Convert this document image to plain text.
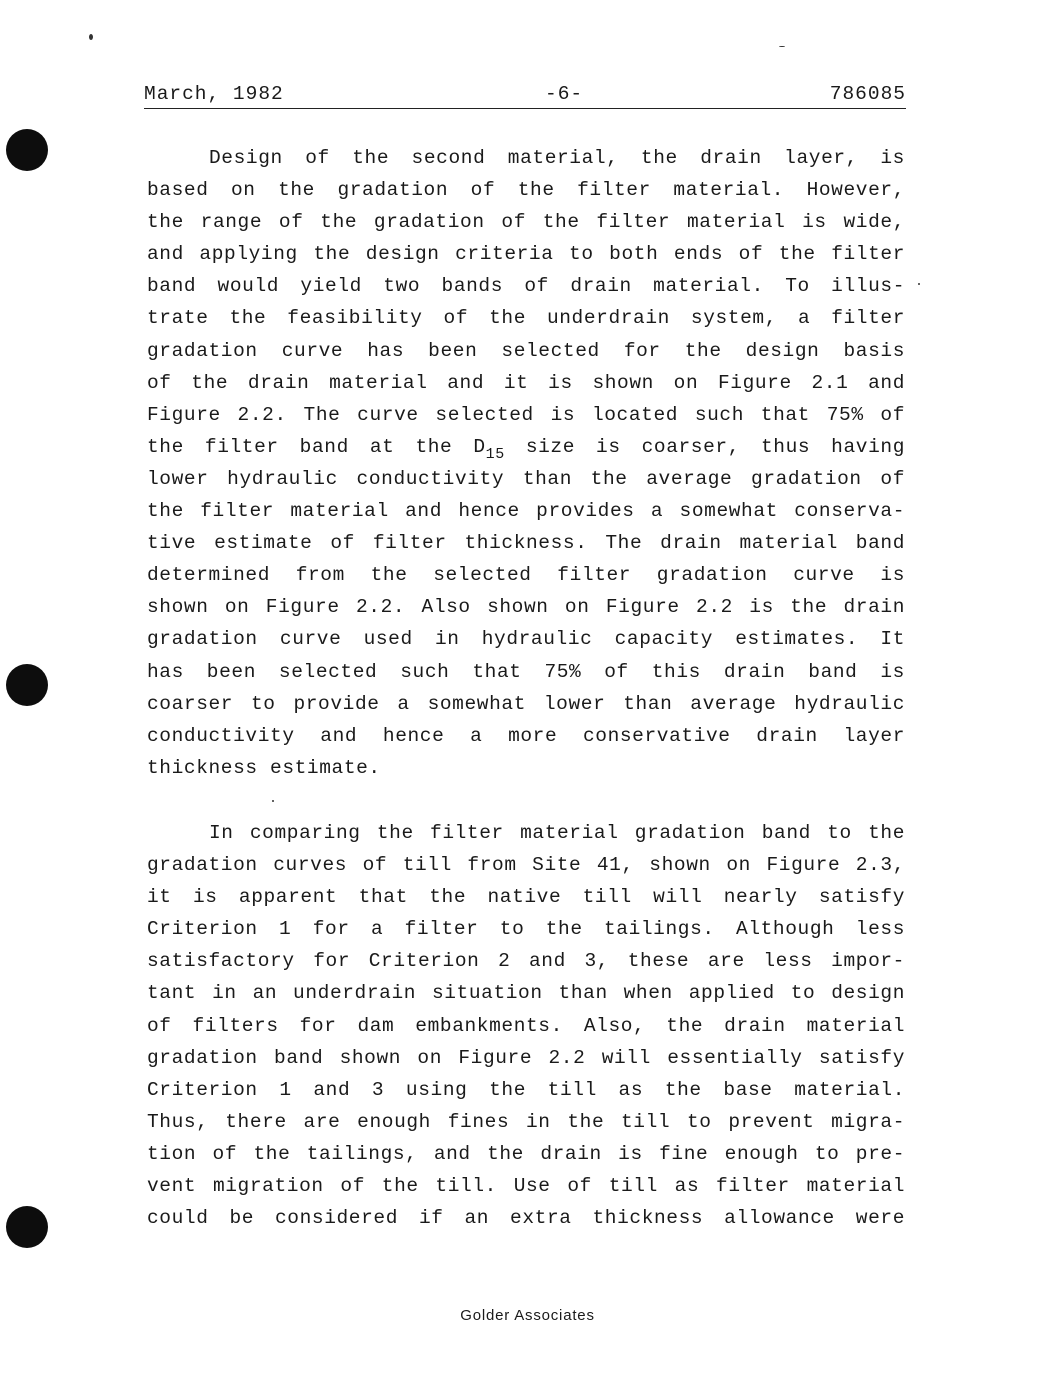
March, 1982	-6-	786085
Design of the second material, the drain layer, is
based on the gradation of the filter material. However,
the range of the gradation of the filter material is wide,
and applying the design criteria to both ends of the filter
band would yield two bands of drain material. To illus-
trate the feasibility of the underdrain system, a filter
gradation curve has been selected for the design basis
of the drain material and it is shown on Figure 2.1 and
Figure 2.2. The curve selected is located such that 75% of
the filter band at the $D_{15}$ size is coarser, thus having
lower hydraulic conductivity than the average gradation of
the filter material and hence provides a somewhat conserva-
tive estimate of filter thickness. The drain material band
determined from the selected filter gradation curve is
shown on Figure 2.2. Also shown on Figure 2.2 is the drain
gradation curve used in hydraulic capacity estimates. It
has been selected such that 75% of this drain band is
coarser to provide a somewhat lower than average hydraulic
conductivity and hence a more conservative drain layer
thickness estimate.
In comparing the filter material gradation band to the
gradation curves of till from Site 41, shown on Figure 2.3,
it is apparent that the native till will nearly satisfy
Criterion 1 for a filter to the tailings. Although less
satisfactory for Criterion 2 and 3, these are less impor-
tant in an underdrain situation than when applied to design
of filters for dam embankments. Also, the drain material
gradation band shown on Figure 2.2 will essentially satisfy
Criterion 1 and 3 using the till as the base material.
Thus, there are enough fines in the till to prevent migra-
tion of the tailings, and the drain is fine enough to pre-
vent migration of the till. Use of till as filter material
could be considered if an extra thickness allowance were
Golder Associates
